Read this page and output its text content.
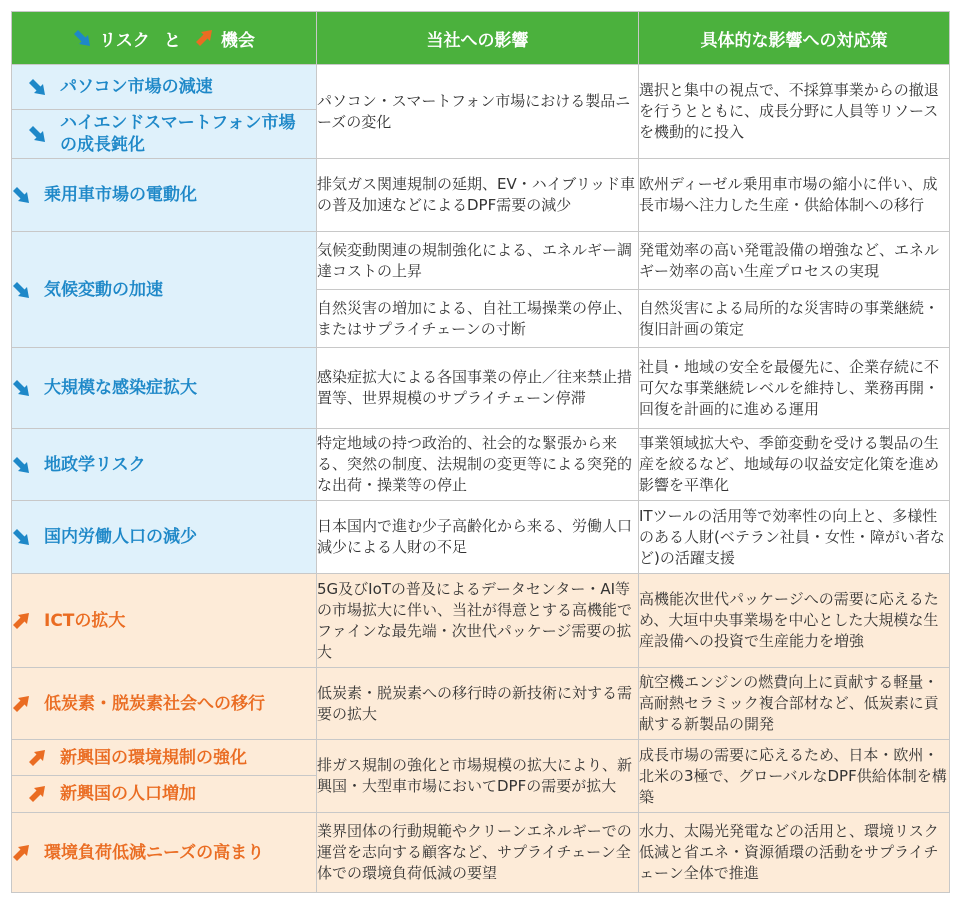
リスク と 機会	当社への影響	具体的な影響への対応策

パソコン市場の減速
ハイエンドスマートフォン市場の成長鈍化	パソコン・スマートフォン市場における製品ニーズの変化	選択と集中の視点で、不採算事業からの撤退を行うとともに、成長分野に人員等リソースを機動的に投入

乗用車市場の電動化	排気ガス関連規制の延期、EV・ハイブリッド車の普及加速などによるDPF需要の減少	欧州ディーゼル乗用車市場の縮小に伴い、成長市場へ注力した生産・供給体制への移行

気候変動の加速	気候変動関連の規制強化による、エネルギー調達コストの上昇	発電効率の高い発電設備の増強など、エネルギー効率の高い生産プロセスの実現
	自然災害の増加による、自社工場操業の停止、またはサプライチェーンの寸断	自然災害による局所的な災害時の事業継続・復旧計画の策定

大規模な感染症拡大	感染症拡大による各国事業の停止／往来禁止措置等、世界規模のサプライチェーン停滞	社員・地域の安全を最優先に、企業存続に不可欠な事業継続レベルを維持し、業務再開・回復を計画的に進める運用

地政学リスク	特定地域の持つ政治的、社会的な緊張から来る、突然の制度、法規制の変更等による突発的な出荷・操業等の停止	事業領域拡大や、季節変動を受ける製品の生産を絞るなど、地域毎の収益安定化策を進め影響を平準化

国内労働人口の減少	日本国内で進む少子高齢化から来る、労働人口減少による人財の不足	ITツールの活用等で効率性の向上と、多様性のある人財(ベテラン社員・女性・障がい者など)の活躍支援

ICTの拡大	5G及びIoTの普及によるデータセンター・AI等の市場拡大に伴い、当社が得意とする高機能でファインな最先端・次世代パッケージ需要の拡大	高機能次世代パッケージへの需要に応えるため、大垣中央事業場を中心とした大規模な生産設備への投資で生産能力を増強

低炭素・脱炭素社会への移行	低炭素・脱炭素への移行時の新技術に対する需要の拡大	航空機エンジンの燃費向上に貢献する軽量・高耐熱セラミック複合部材など、低炭素に貢献する新製品の開発

新興国の環境規制の強化
新興国の人口増加	排ガス規制の強化と市場規模の拡大により、新興国・大型車市場においてDPFの需要が拡大	成長市場の需要に応えるため、日本・欧州・北米の3極で、グローバルなDPF供給体制を構築

環境負荷低減ニーズの高まり	業界団体の行動規範やクリーンエネルギーでの運営を志向する顧客など、サプライチェーン全体での環境負荷低減の要望	水力、太陽光発電などの活用と、環境リスク低減と省エネ・資源循環の活動をサプライチェーン全体で推進
